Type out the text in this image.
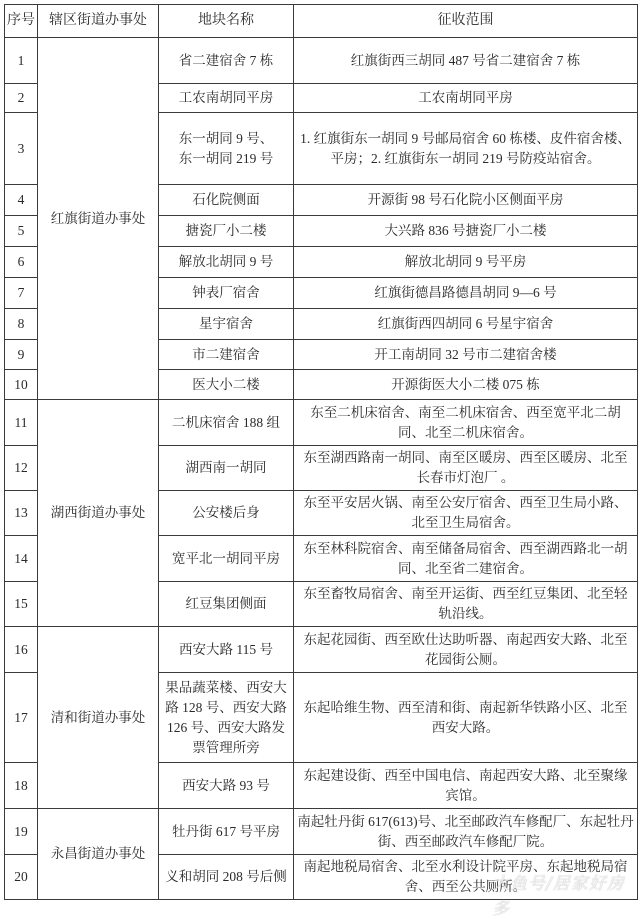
序号	辖区街道办事处	地块名称	征收范围
1	红旗街道办事处	省二建宿舍 7 栋	红旗街西三胡同 487 号省二建宿舍 7 栋
2		工农南胡同平房	工农南胡同平房
3		东一胡同 9 号、东一胡同 219 号	1. 红旗街东一胡同 9 号邮局宿舍 60 栋楼、皮件宿舍楼、平房；2. 红旗街东一胡同 219 号防疫站宿舍。
4		石化院侧面	开源街 98 号石化院小区侧面平房
5		搪瓷厂小二楼	大兴路 836 号搪瓷厂小二楼
6		解放北胡同 9 号	解放北胡同 9 号平房
7		钟表厂宿舍	红旗街德昌路德昌胡同 9—6 号
8		星宇宿舍	红旗街西四胡同 6 号星宇宿舍
9		市二建宿舍	开工南胡同 32 号市二建宿舍楼
10		医大小二楼	开源街医大小二楼 075 栋
11	湖西街道办事处	二机床宿舍 188 组	东至二机床宿舍、南至二机床宿舍、西至宽平北二胡同、北至二机床宿舍。
12		湖西南一胡同	东至湖西路南一胡同、南至区暖房、西至区暖房、北至长春市灯泡厂 。
13		公安楼后身	东至平安居火锅、南至公安厅宿舍、西至卫生局小路、北至卫生局宿舍。
14		宽平北一胡同平房	东至林科院宿舍、南至储备局宿舍、西至湖西路北一胡同、北至省二建宿舍。
15		红豆集团侧面	东至畜牧局宿舍、南至开运街、西至红豆集团、北至轻轨沿线。
16	清和街道办事处	西安大路 115 号	东起花园街、西至欧仕达助听器、南起西安大路、北至花园街公厕。
17		果品蔬菜楼、西安大路 128 号、西安大路 126 号、西安大路发票管理所旁	东起哈维生物、西至清和街、南起新华铁路小区、北至西安大路。
18		西安大路 93 号	东起建设街、西至中国电信、南起西安大路、北至聚缘宾馆。
19	永昌街道办事处	牡丹街 617 号平房	南起牡丹街 617(613)号、北至邮政汽车修配厂、东起牡丹街、西至邮政汽车修配厂院。
20		义和胡同 208 号后侧	南起地税局宿舍、北至水利设计院平房、东起地税局宿舍、西至公共厕所。
大鱼号/居家好房多
